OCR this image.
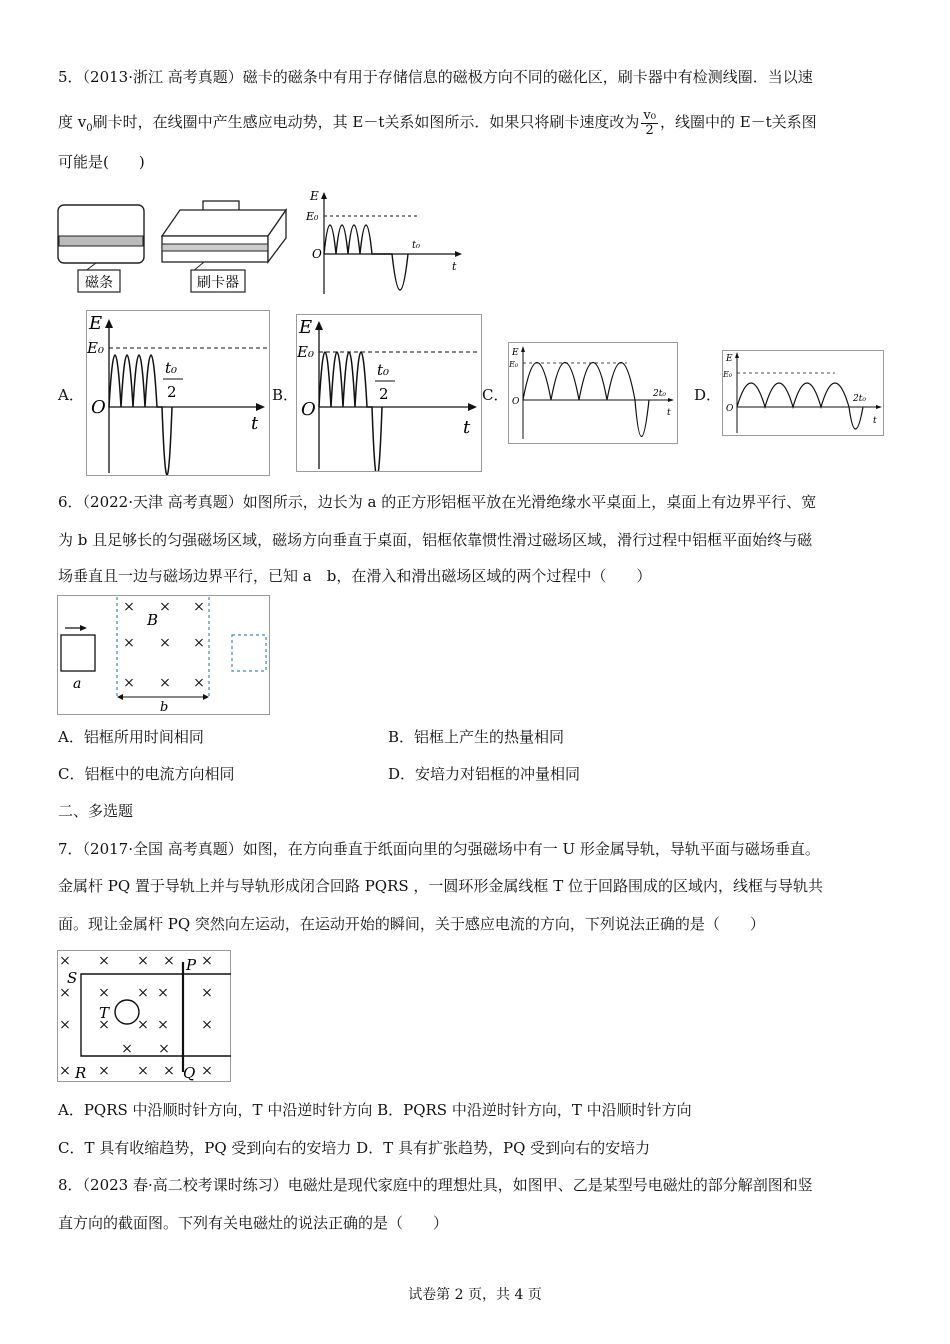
5．（2013·浙江 高考真题）磁卡的磁条中有用于存储信息的磁极方向不同的磁化区，刷卡器中有检测线圈．当以速
度 $v_0$刷卡时，在线圈中产生感应电动势，其 E－t关系如图所示．如果只将刷卡速度改为 $\frac{\text{v₀}}{2}$ ，线圈中的 E－t关系图
可能是(　　)
磁条	刷卡器
E
E₀
O
t₀
t
A．	B．	C．	D．
E
E₀
O
t₀
2
t
E
E₀
O
t₀
2
t
E
E₀
O
2t₀
t
E
E₀
O
2t₀
t
6．（2022·天津 高考真题）如图所示，边长为 a 的正方形铝框平放在光滑绝缘水平桌面上，桌面上有边界平行、宽
为 b 且足够长的匀强磁场区域，磁场方向垂直于桌面，铝框依靠惯性滑过磁场区域，滑行过程中铝框平面始终与磁
场垂直且一边与磁场边界平行，已知 a　b，在滑入和滑出磁场区域的两个过程中（　　）
a
× × ×
× × ×
× × ×
B
b
A．铝框所用时间相同	B．铝框上产生的热量相同
C．铝框中的电流方向相同	D．安培力对铝框的冲量相同
二、多选题
7．（2017·全国 高考真题）如图，在方向垂直于纸面向里的匀强磁场中有一 U 形金属导轨，导轨平面与磁场垂直。
金属杆 PQ 置于导轨上并与导轨形成闭合回路 PQRS ，一圆环形金属线框 T 位于回路围成的区域内，线框与导轨共
面。现让金属杆 PQ 突然向左运动，在运动开始的瞬间，关于感应电流的方向，下列说法正确的是（　　）
× × × × ×
× × ×	×
× × ×	×
× × × × ×
× ×
×
×
S
P
T
R	Q
A．PQRS 中沿顺时针方向，T 中沿逆时针方向 B．PQRS 中沿逆时针方向，T 中沿顺时针方向
C．T 具有收缩趋势，PQ 受到向右的安培力 D．T 具有扩张趋势，PQ 受到向右的安培力
8．（2023 春·高二校考课时练习）电磁灶是现代家庭中的理想灶具，如图甲、乙是某型号电磁灶的部分解剖图和竖
直方向的截面图。下列有关电磁灶的说法正确的是（　　）
试卷第 2 页，共 4 页
